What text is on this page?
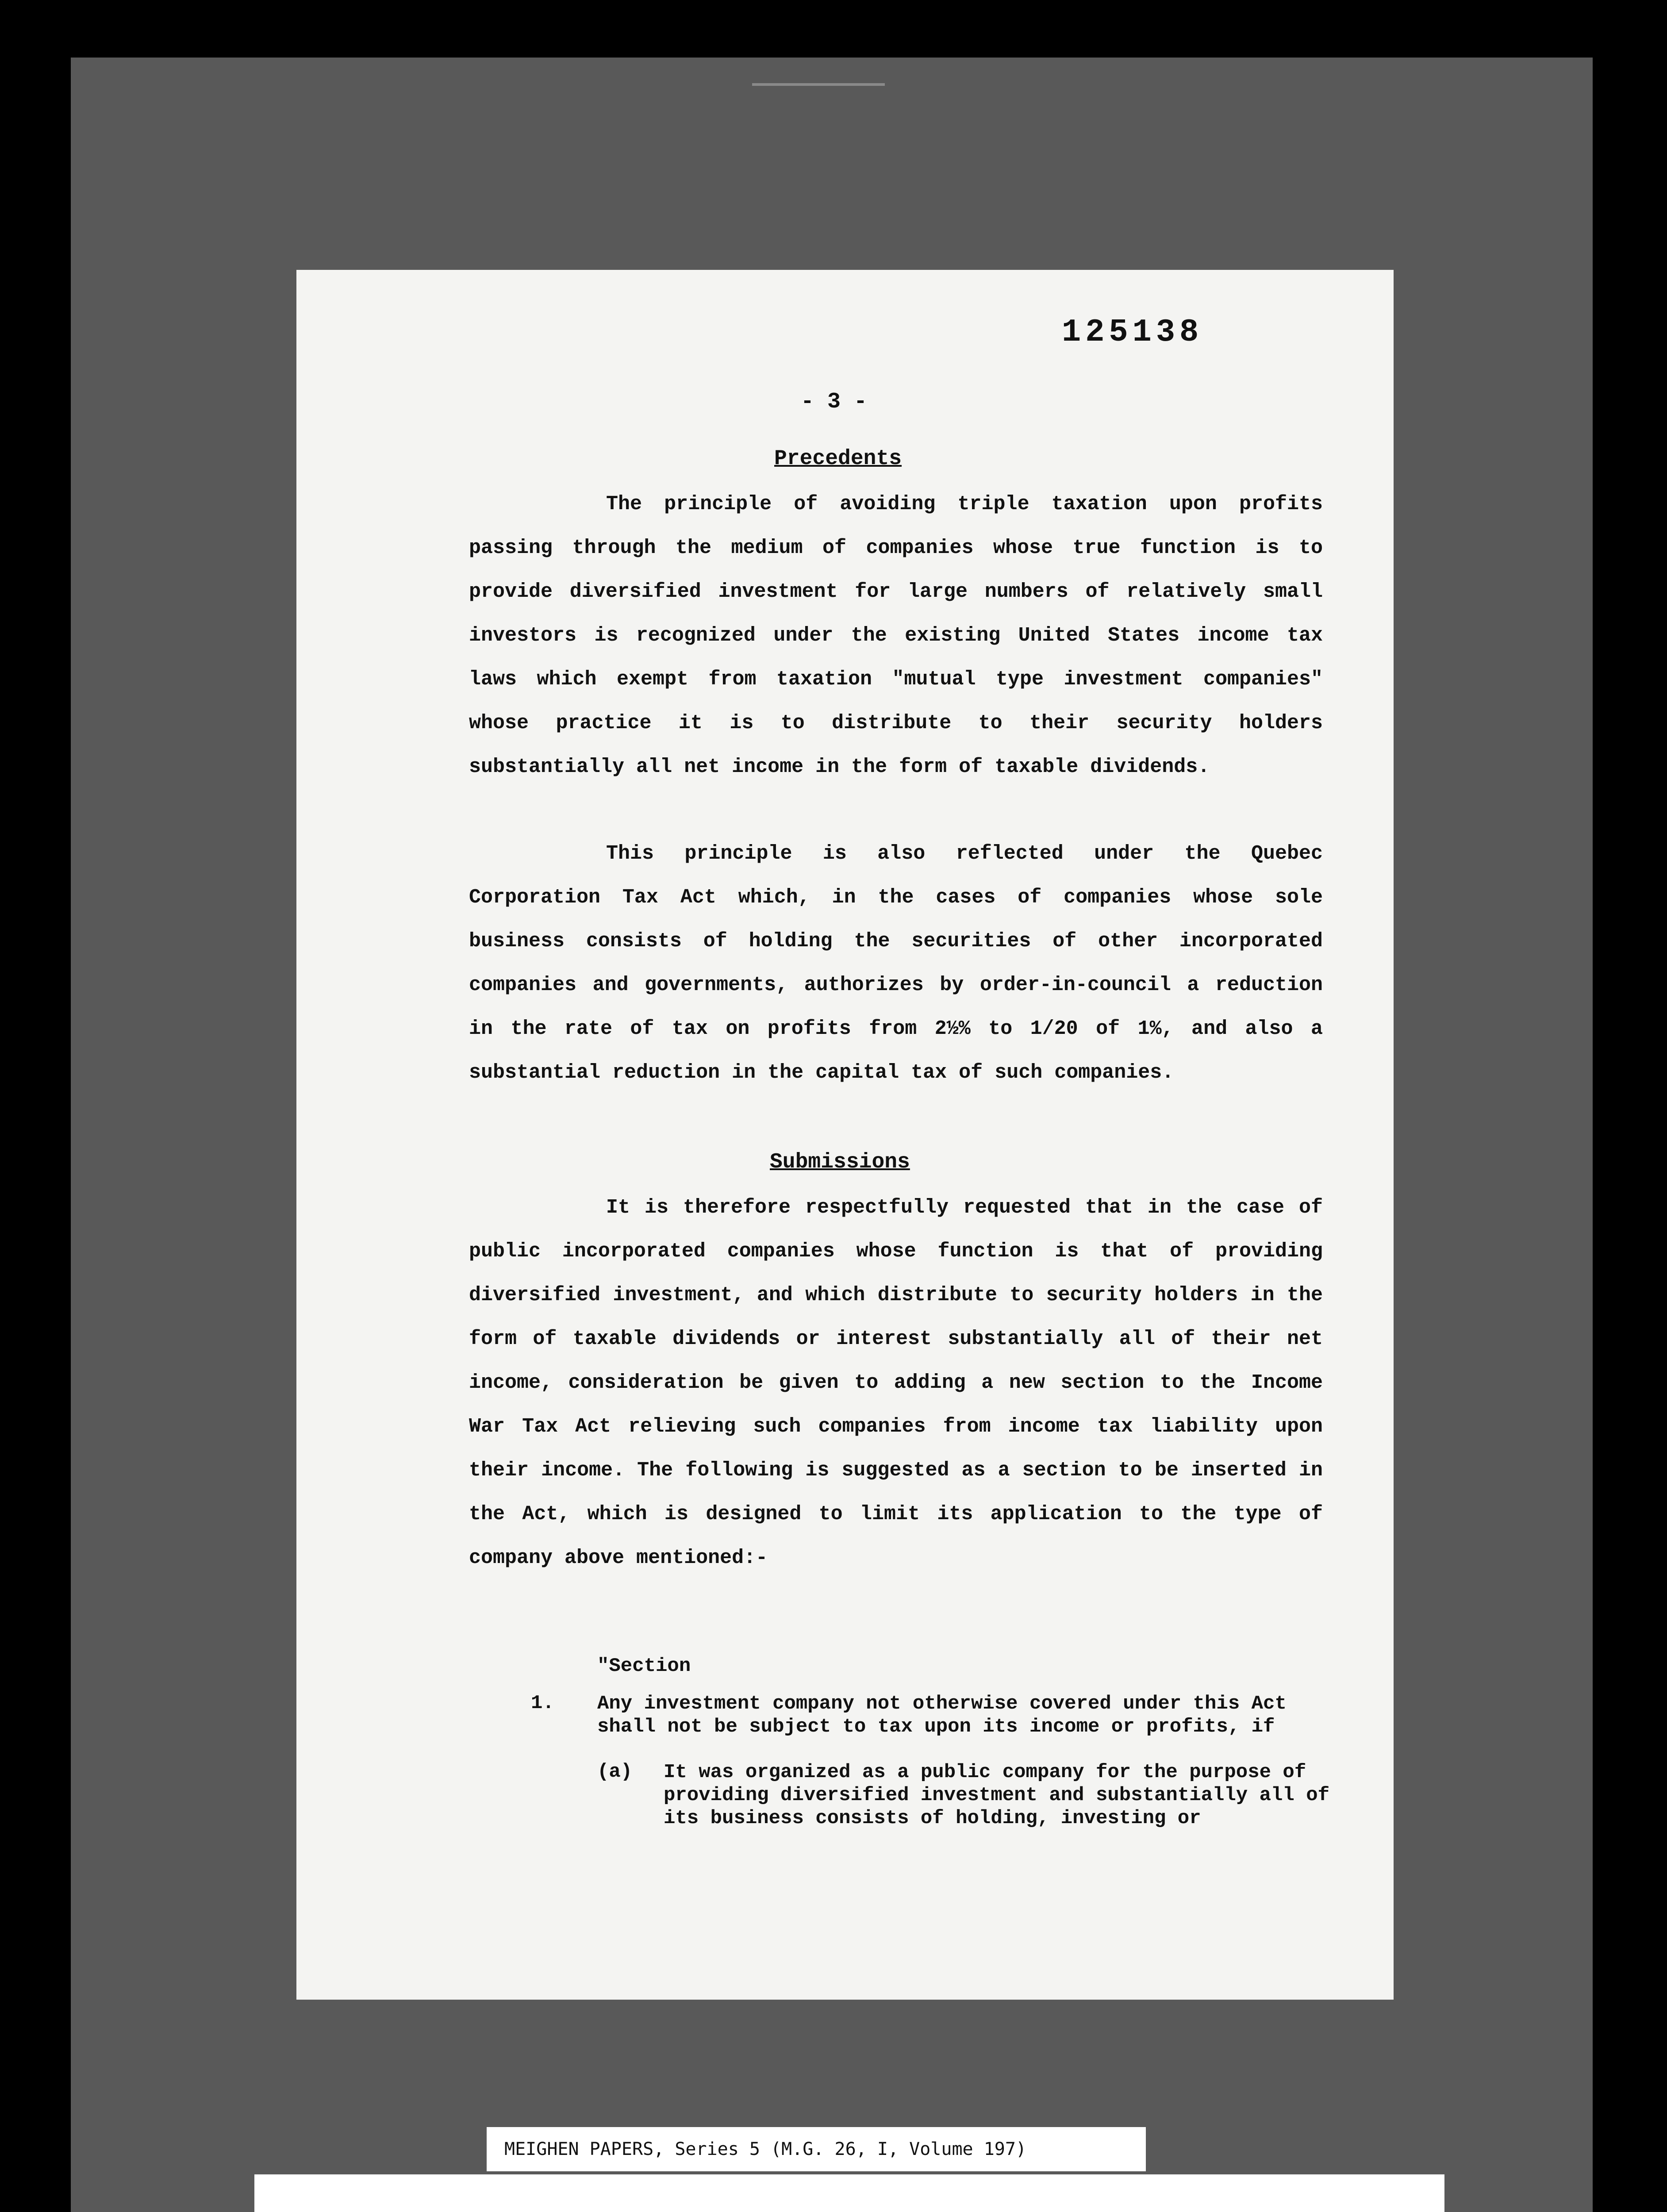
125138
- 3 -
Precedents
The principle of avoiding triple taxation upon profits passing through the medium of companies whose true function is to provide diversified investment for large numbers of relatively small investors is recognized under the existing United States income tax laws which exempt from taxation "mutual type investment companies" whose practice it is to distribute to their security holders substantially all net income in the form of taxable dividends.
This principle is also reflected under the Quebec Corporation Tax Act which, in the cases of companies whose sole business consists of holding the securities of other incorporated companies and governments, authorizes by order-in-council a reduction in the rate of tax on profits from 2½% to 1/20 of 1%, and also a substantial reduction in the capital tax of such companies.
Submissions
It is therefore respectfully requested that in the case of public incorporated companies whose function is that of providing diversified investment, and which distribute to security holders in the form of taxable dividends or interest substantially all of their net income, consideration be given to adding a new section to the Income War Tax Act relieving such companies from income tax liability upon their income. The following is suggested as a section to be inserted in the Act, which is designed to limit its application to the type of company above mentioned:-
"Section
1. Any investment company not otherwise covered under this Act shall not be subject to tax upon its income or profits, if
(a) It was organized as a public company for the purpose of providing diversified investment and substantially all of its business consists of holding, investing or
MEIGHEN PAPERS, Series 5 (M.G. 26, I, Volume 197)
